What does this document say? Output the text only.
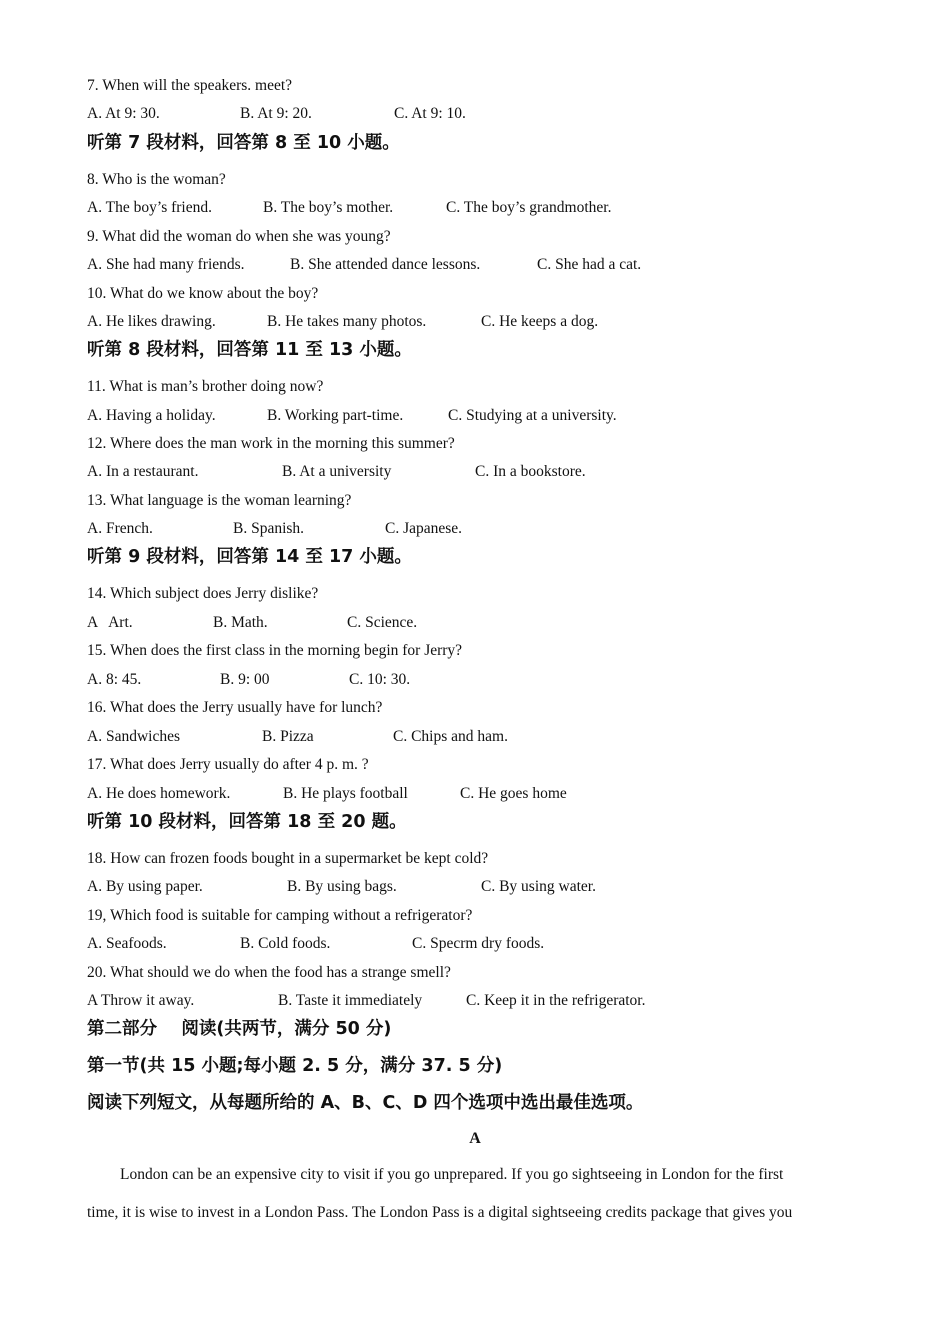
7. When will the speakers. meet?
A. At 9: 30.	B. At 9: 20.	C. At 9: 10.
听第 7 段材料，回答第 8 至 10 小题。
8. Who is the woman?
A. The boy’s friend.	B. The boy’s mother.	C. The boy’s grandmother.
9. What did the woman do when she was young?
A. She had many friends.	B. She attended dance lessons.	C. She had a cat.
10. What do we know about the boy?
A. He likes drawing.	B. He takes many photos.	C. He keeps a dog.
听第 8 段材料，回答第 11 至 13 小题。
11. What is man’s brother doing now?
A. Having a holiday.	B. Working part-time.	C. Studying at a university.
12. Where does the man work in the morning this summer?
A. In a restaurant.	B. At a university	C. In a bookstore.
13. What language is the woman learning?
A. French.	B. Spanish.	C. Japanese.
听第 9 段材料，回答第 14 至 17 小题。
14. Which subject does Jerry dislike?
A   Art.	B. Math.	C. Science.
15. When does the first class in the morning begin for Jerry?
A. 8: 45.	B. 9: 00	C. 10: 30.
16. What does the Jerry usually have for lunch?
A. Sandwiches	B. Pizza	C. Chips and ham.
17. What does Jerry usually do after 4 p. m. ?
A. He does homework.	B. He plays football	C. He goes home
听第 10 段材料，回答第 18 至 20 题。
18. How can frozen foods bought in a supermarket be kept cold?
A. By using paper.	B. By using bags.	C. By using water.
19, Which food is suitable for camping without a refrigerator?
A. Seafoods.	B. Cold foods.	C. Specrm dry foods.
20. What should we do when the food has a strange smell?
A Throw it away.	B. Taste it immediately	C. Keep it in the refrigerator.
第二部分    阅读(共两节，满分 50 分)
第一节(共 15 小题;每小题 2. 5 分，满分 37. 5 分)
阅读下列短文，从每题所给的 A、B、C、D 四个选项中选出最佳选项。
A
London can be an expensive city to visit if you go unprepared. If you go sightseeing in London for the first
time, it is wise to invest in a London Pass. The London Pass is a digital sightseeing credits package that gives you
